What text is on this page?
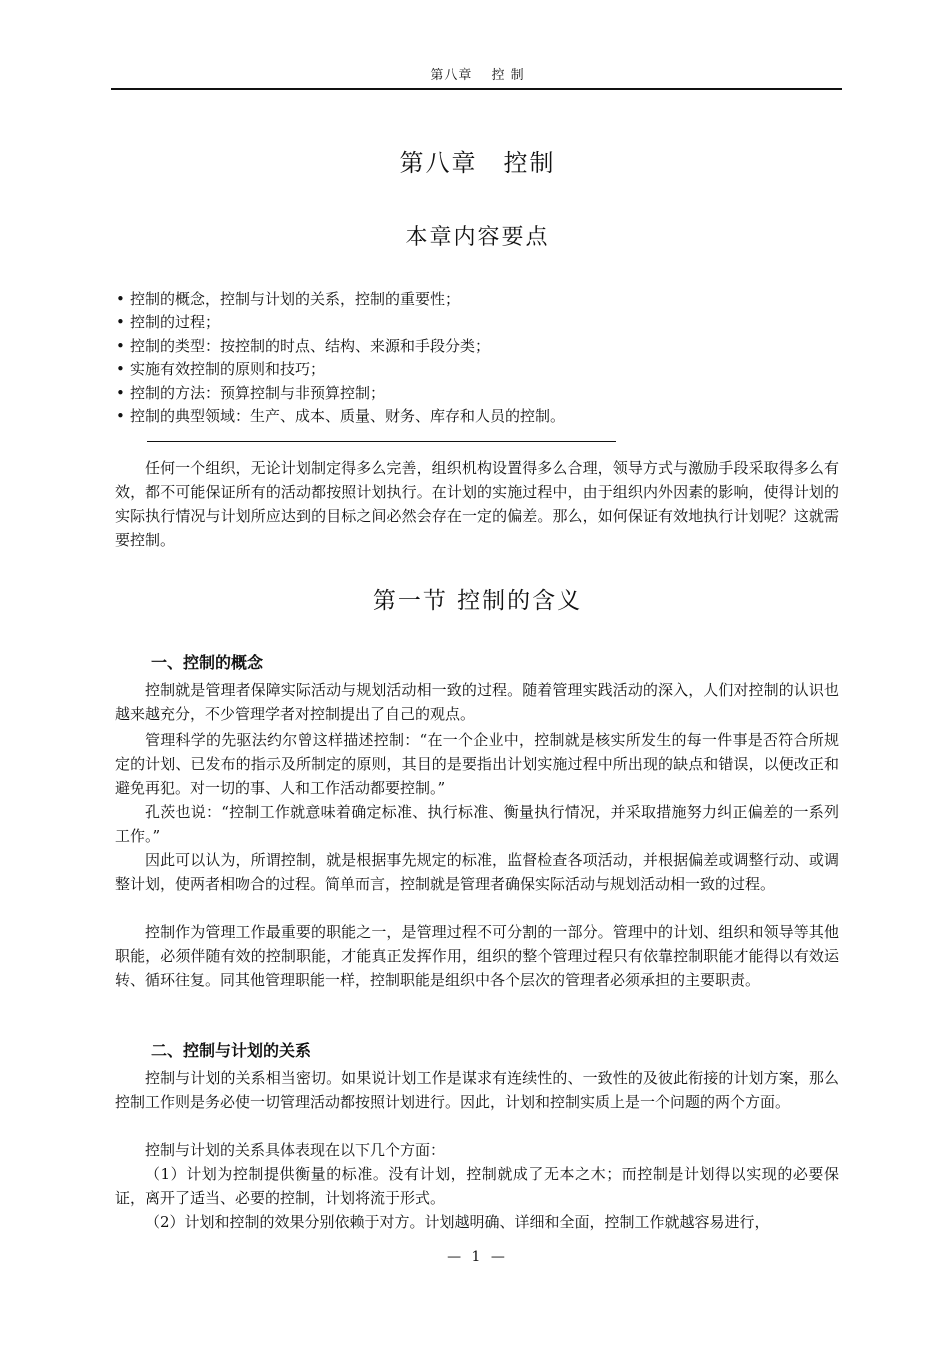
第八章　 控 制
第八章　控制
本章内容要点
• 控制的概念，控制与计划的关系，控制的重要性；
• 控制的过程；
• 控制的类型：按控制的时点、结构、来源和手段分类；
• 实施有效控制的原则和技巧；
• 控制的方法：预算控制与非预算控制；
• 控制的典型领域：生产、成本、质量、财务、库存和人员的控制。

任何一个组织，无论计划制定得多么完善，组织机构设置得多么合理，领导方式与激励手段采取得多么有效，都不可能保证所有的活动都按照计划执行。在计划的实施过程中，由于组织内外因素的影响，使得计划的实际执行情况与计划所应达到的目标之间必然会存在一定的偏差。那么，如何保证有效地执行计划呢？这就需要控制。

第一节 控制的含义
一、控制的概念

控制就是管理者保障实际活动与规划活动相一致的过程。随着管理实践活动的深入，人们对控制的认识也越来越充分，不少管理学者对控制提出了自己的观点。

管理科学的先驱法约尔曾这样描述控制：“在一个企业中，控制就是核实所发生的每一件事是否符合所规定的计划、已发布的指示及所制定的原则，其目的是要指出计划实施过程中所出现的缺点和错误，以便改正和避免再犯。对一切的事、人和工作活动都要控制。”

孔茨也说：“控制工作就意味着确定标准、执行标准、衡量执行情况，并采取措施努力纠正偏差的一系列工作。”

因此可以认为，所谓控制，就是根据事先规定的标准，监督检查各项活动，并根据偏差或调整行动、或调整计划，使两者相吻合的过程。简单而言，控制就是管理者确保实际活动与规划活动相一致的过程。

控制作为管理工作最重要的职能之一，是管理过程不可分割的一部分。管理中的计划、组织和领导等其他职能，必须伴随有效的控制职能，才能真正发挥作用，组织的整个管理过程只有依靠控制职能才能得以有效运转、循环往复。同其他管理职能一样，控制职能是组织中各个层次的管理者必须承担的主要职责。

二、控制与计划的关系

控制与计划的关系相当密切。如果说计划工作是谋求有连续性的、一致性的及彼此衔接的计划方案，那么控制工作则是务必使一切管理活动都按照计划进行。因此，计划和控制实质上是一个问题的两个方面。

控制与计划的关系具体表现在以下几个方面：

（1）计划为控制提供衡量的标准。没有计划，控制就成了无本之木；而控制是计划得以实现的必要保证，离开了适当、必要的控制，计划将流于形式。

（2）计划和控制的效果分别依赖于对方。计划越明确、详细和全面，控制工作就越容易进行，

— 1 —
